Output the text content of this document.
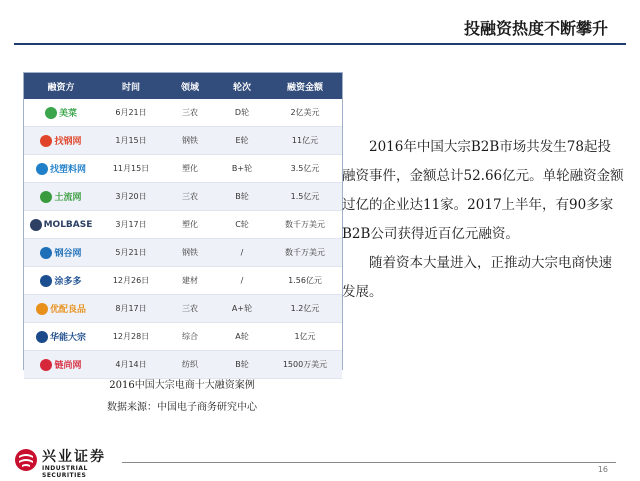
投融资热度不断攀升
融资方	时间	领域	轮次	融资金额
美菜	6月21日	三农	D轮	2亿美元
找钢网	1月15日	钢铁	E轮	11亿元
找塑料网	11月15日	塑化	B+轮	3.5亿元
土流网	3月20日	三农	B轮	1.5亿元
MOLBASE	3月17日	塑化	C轮	数千万美元
钢谷网	5月21日	钢铁	/	数千万美元
涂多多	12月26日	建材	/	1.56亿元
优配良品	8月17日	三农	A+轮	1.2亿元
华能大宗	12月28日	综合	A轮	1亿元
链尚网	4月14日	纺织	B轮	1500万美元
2016中国大宗电商十大融资案例
数据来源：中国电子商务研究中心

2016年中国大宗B2B市场共发生78起投融资事件，金额总计52.66亿元。单轮融资金额过亿的企业达11家。2017上半年，有90多家B2B公司获得近百亿元融资。

随着资本大量进入，正推动大宗电商快速发展。

兴业证券
INDUSTRIAL SECURITIES
16
